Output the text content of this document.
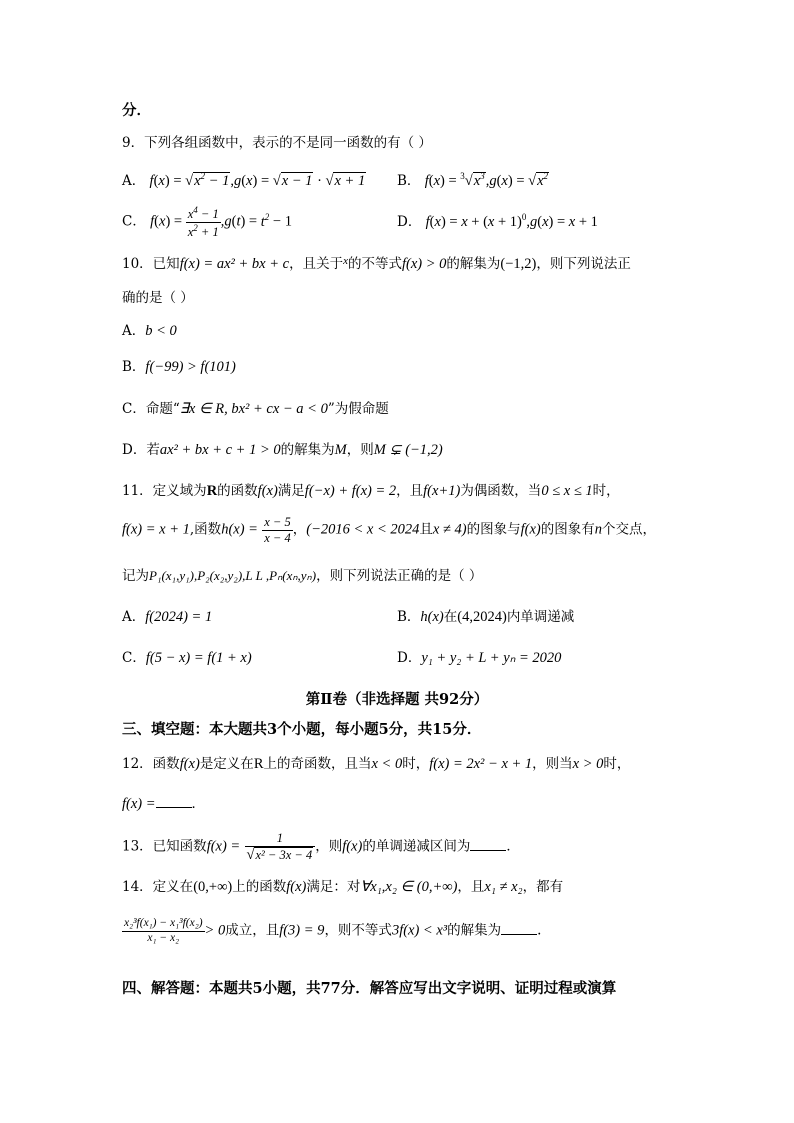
分．
9．下列各组函数中，表示的不是同一函数的有（ ）
A． $f(x) = √x^2 - 1,g(x) = √x - 1 \cdot √x + 1$ B． $f(x) = ^3√x^3,g(x) = √x^2$
C． $f(x) = \frac{x^4 - 1}{x^2 + 1} ,g(t) = t^2 - 1$	D． $f(x) = x + (x + 1)^0,g(x) = x + 1$
10．已知f(x) = ax² + bx + c，且关于$^x$的不等式f(x) > 0的解集为(−1,2)，则下列说法正
确的是（ ）
A．b < 0
B．f(−99) > f(101)
C．命题“∃x ∈ R, bx² + cx − a < 0”为假命题
D．若ax² + bx + c + 1 > 0的解集为M，则M ⊊ (−1,2)
11．定义域为R的函数f(x)满足f(−x) + f(x) = 2，且f(x+1)为偶函数，当0 ≤ x ≤ 1时，
f(x) = x + 1,函数$h(x) = \frac{x - 5}{x - 4}$ ，(−2016 < x < 2024且x ≠ 4)的图象与f(x)的图象有n个交点，
记为P₁(x₁,y₁),P₂(x₂,y₂),L L ,Pₙ(xₙ,yₙ)，则下列说法正确的是（ ）
A．f(2024) = 1	B．h(x)在(4,2024)内单调递减
C．f(5 − x) = f(1 + x)	D．y₁ + y₂ + L + yₙ = 2020
第Ⅱ卷（非选择题 共92分）
三、填空题：本大题共3个小题，每小题5分，共15分．
12．函数f(x)是定义在R上的奇函数，且当x < 0时，f(x) = 2x² − x + 1，则当x > 0时，
f(x) =	．
13．已知函数$f(x) = \frac{1}{\text{√x² − 3x − 4}}$ ，则f(x)的单调递减区间为	．
14．定义在(0,+∞)上的函数f(x)满足：对∀x₁,x₂ ∈ (0,+∞)，且x₁ ≠ x₂，都有
$\frac{\text{x₂³f(x₁) − x₁³f(x₂)}}{\text{x₁ − x₂}} > 0$成立，且f(3) = 9，则不等式3f(x) < x³的解集为	.
四、解答题：本题共5小题，共77分．解答应写出文字说明、证明过程或演算
